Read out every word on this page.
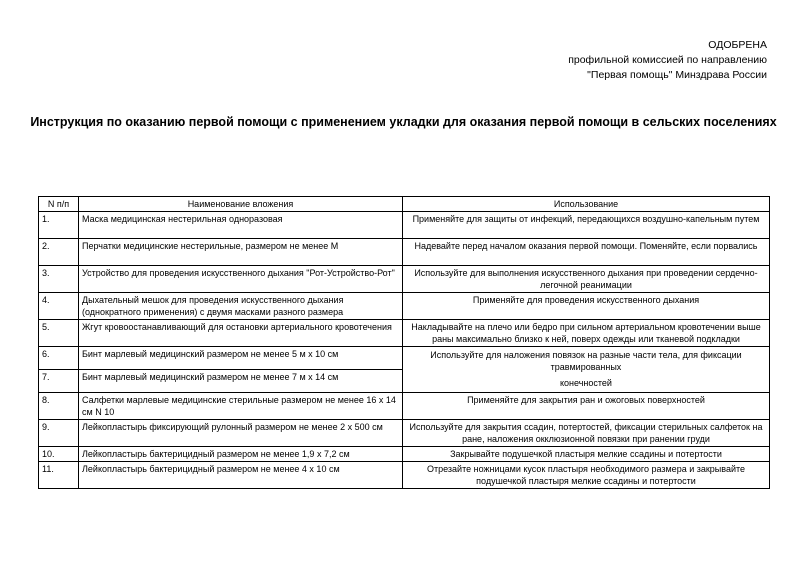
ОДОБРЕНА
профильной комиссией по направлению
"Первая помощь" Минздрава России
Инструкция по оказанию первой помощи с применением укладки для оказания первой помощи в сельских поселениях
N п/п	Наименование вложения	Использование
1.	Маска медицинская нестерильная одноразовая	Применяйте для защиты от инфекций, передающихся воздушно-капельным путем
2.	Перчатки медицинские нестерильные, размером не менее М	Надевайте перед началом оказания первой помощи. Поменяйте, если порвались
3.	Устройство для проведения искусственного дыхания "Рот-Устройство-Рот"	Используйте для выполнения искусственного дыхания при проведении сердечно-легочной реанимации
4.	Дыхательный мешок для проведения искусственного дыхания (однократного применения) с двумя масками разного размера	Применяйте для проведения искусственного дыхания
5.	Жгут кровоостанавливающий для остановки артериального кровотечения	Накладывайте на плечо или бедро при сильном артериальном кровотечении выше раны максимально близко к ней, поверх одежды или тканевой подкладки
6.	Бинт марлевый медицинский размером не менее 5 м х 10 см	Используйте для наложения повязок на разные части тела, для фиксации травмированных
конечностей

7.	Бинт марлевый медицинский размером не менее 7 м х 14 см	
8.	Салфетки марлевые медицинские стерильные размером не менее 16 х 14 см N 10	Применяйте для закрытия ран и ожоговых поверхностей
9.	Лейкопластырь фиксирующий рулонный размером не менее 2 х 500 см	Используйте для закрытия ссадин, потертостей, фиксации стерильных салфеток на ране, наложения окклюзионной повязки при ранении груди
10.	Лейкопластырь бактерицидный размером не менее 1,9 х 7,2 см	Закрывайте подушечкой пластыря мелкие ссадины и потертости
11.	Лейкопластырь бактерицидный размером не менее 4 х 10 см	Отрезайте ножницами кусок пластыря необходимого размера и закрывайте подушечкой пластыря мелкие ссадины и потертости
